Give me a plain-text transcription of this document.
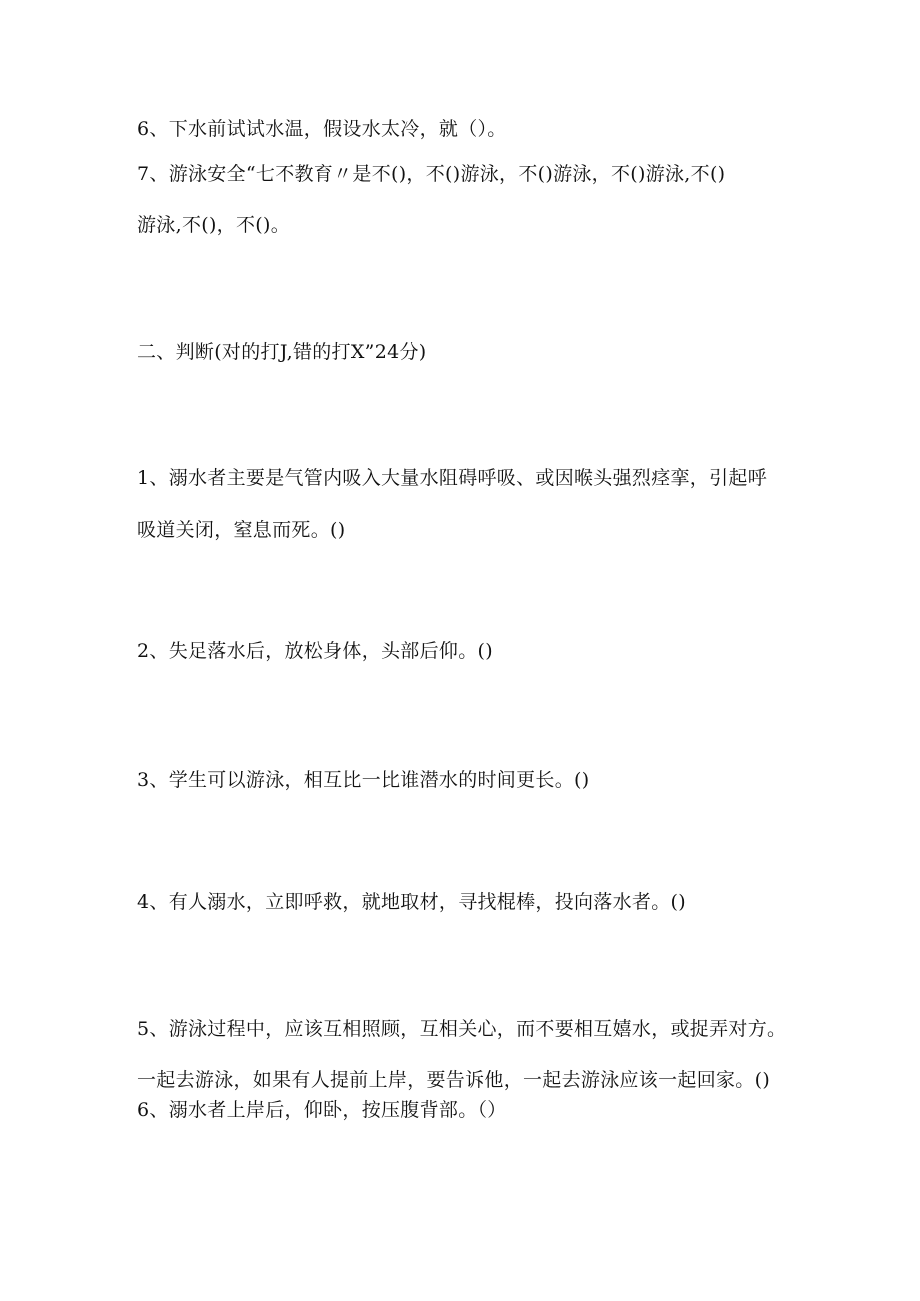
6、下水前试试水温，假设水太冷，就（）。
7、游泳安全“七不教育〃是不()，不()游泳，不()游泳，不()游泳,不()
游泳,不()，不()。
二、判断(对的打J,错的打X”24分)
1、溺水者主要是气管内吸入大量水阻碍呼吸、或因喉头强烈痉挛，引起呼
吸道关闭，窒息而死。()
2、失足落水后，放松身体，头部后仰。()
3、学生可以游泳，相互比一比谁潜水的时间更长。()
4、有人溺水，立即呼救，就地取材，寻找棍棒，投向落水者。()
5、游泳过程中，应该互相照顾，互相关心，而不要相互嬉水，或捉弄对方。
一起去游泳，如果有人提前上岸，要告诉他，一起去游泳应该一起回家。()
6、溺水者上岸后，仰卧，按压腹背部。（）
